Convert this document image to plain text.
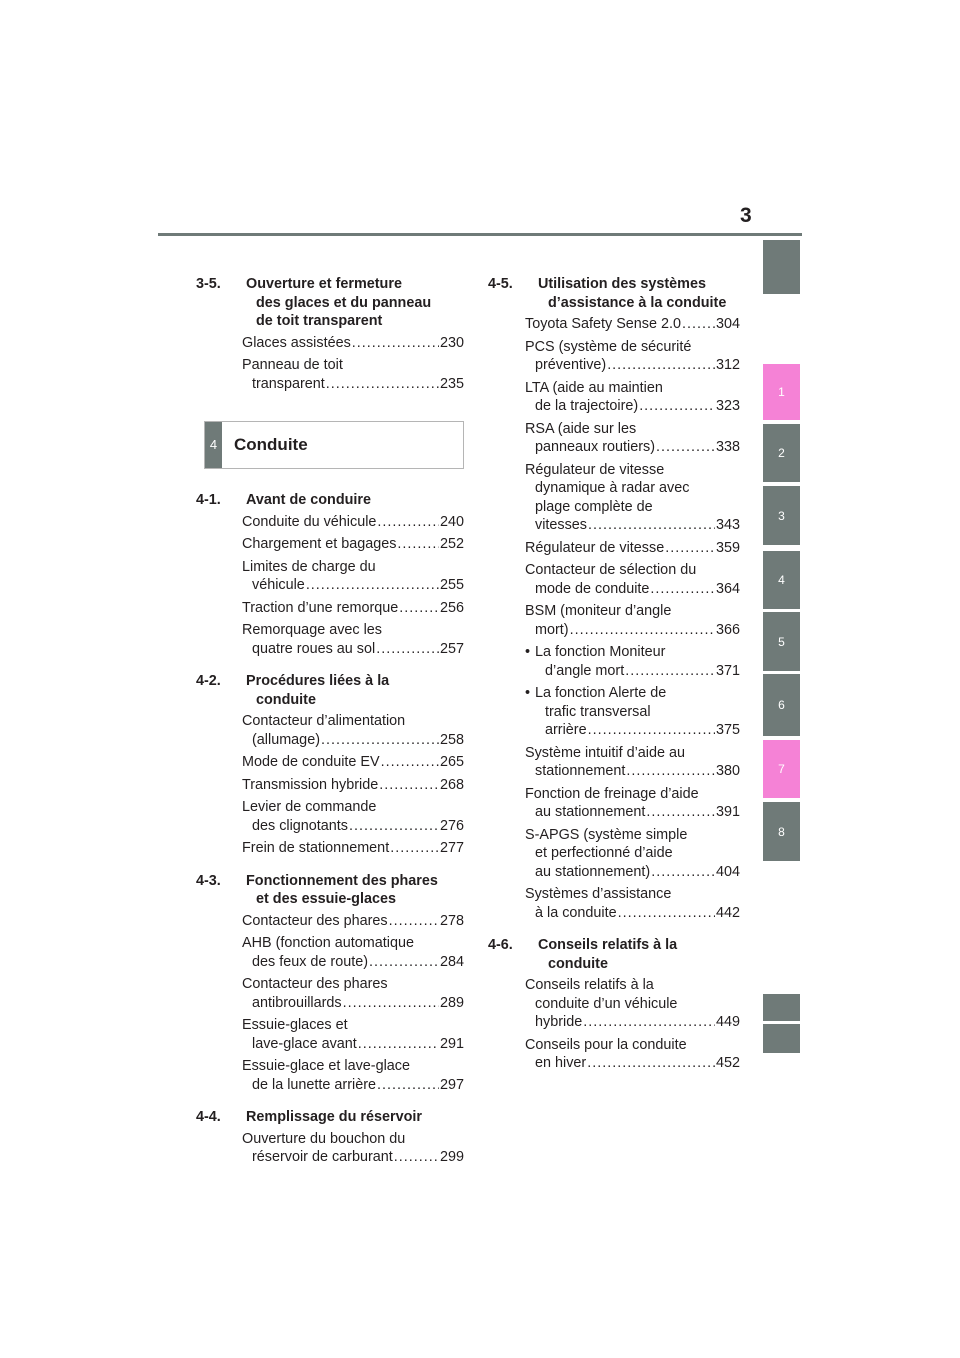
3
1
2
3
4
5
6
7
8
3-5. Ouverture et fermeture
des glaces et du panneau
de toit transparent
Glaces assistées .....	230
Panneau de toit
transparent .....	235
4 Conduite
4-1. Avant de conduire
Conduite du véhicule .....	240
Chargement et bagages .....	252
Limites de charge du
véhicule .....	255
Traction d’une remorque .....	256
Remorquage avec les
quatre roues au sol .....	257
4-2. Procédures liées à la
conduite
Contacteur d’alimentation
(allumage) .....	258
Mode de conduite EV .....	265
Transmission hybride .....	268
Levier de commande
des clignotants .....	276
Frein de stationnement .....	277
4-3. Fonctionnement des phares
et des essuie-glaces
Contacteur des phares .....	278
AHB (fonction automatique
des feux de route) .....	284
Contacteur des phares
antibrouillards .....	289
Essuie-glaces et
lave-glace avant .....	291
Essuie-glace et lave-glace
de la lunette arrière .....	297
4-4. Remplissage du réservoir
Ouverture du bouchon du
réservoir de carburant .....	299
4-5. Utilisation des systèmes
d’assistance à la conduite
Toyota Safety Sense 2.0 ..... 304
PCS (système de sécurité
préventive) .....	312
LTA (aide au maintien
de la trajectoire) .....	323
RSA (aide sur les
panneaux routiers) .....	338
Régulateur de vitesse
dynamique à radar avec
plage complète de
vitesses .....	343
Régulateur de vitesse .....	359
Contacteur de sélection du
mode de conduite .....	364
BSM (moniteur d’angle
mort) .....	366
• La fonction Moniteur
d’angle mort .....	371
• La fonction Alerte de
trafic transversal
arrière .....	375
Système intuitif d’aide au
stationnement .....	380
Fonction de freinage d’aide
au stationnement .....	391
S-APGS (système simple
et perfectionné d’aide
au stationnement) .....	404
Systèmes d’assistance
à la conduite .....	442
4-6. Conseils relatifs à la
conduite
Conseils relatifs à la
conduite d’un véhicule
hybride .....	449
Conseils pour la conduite
en hiver .....	452
